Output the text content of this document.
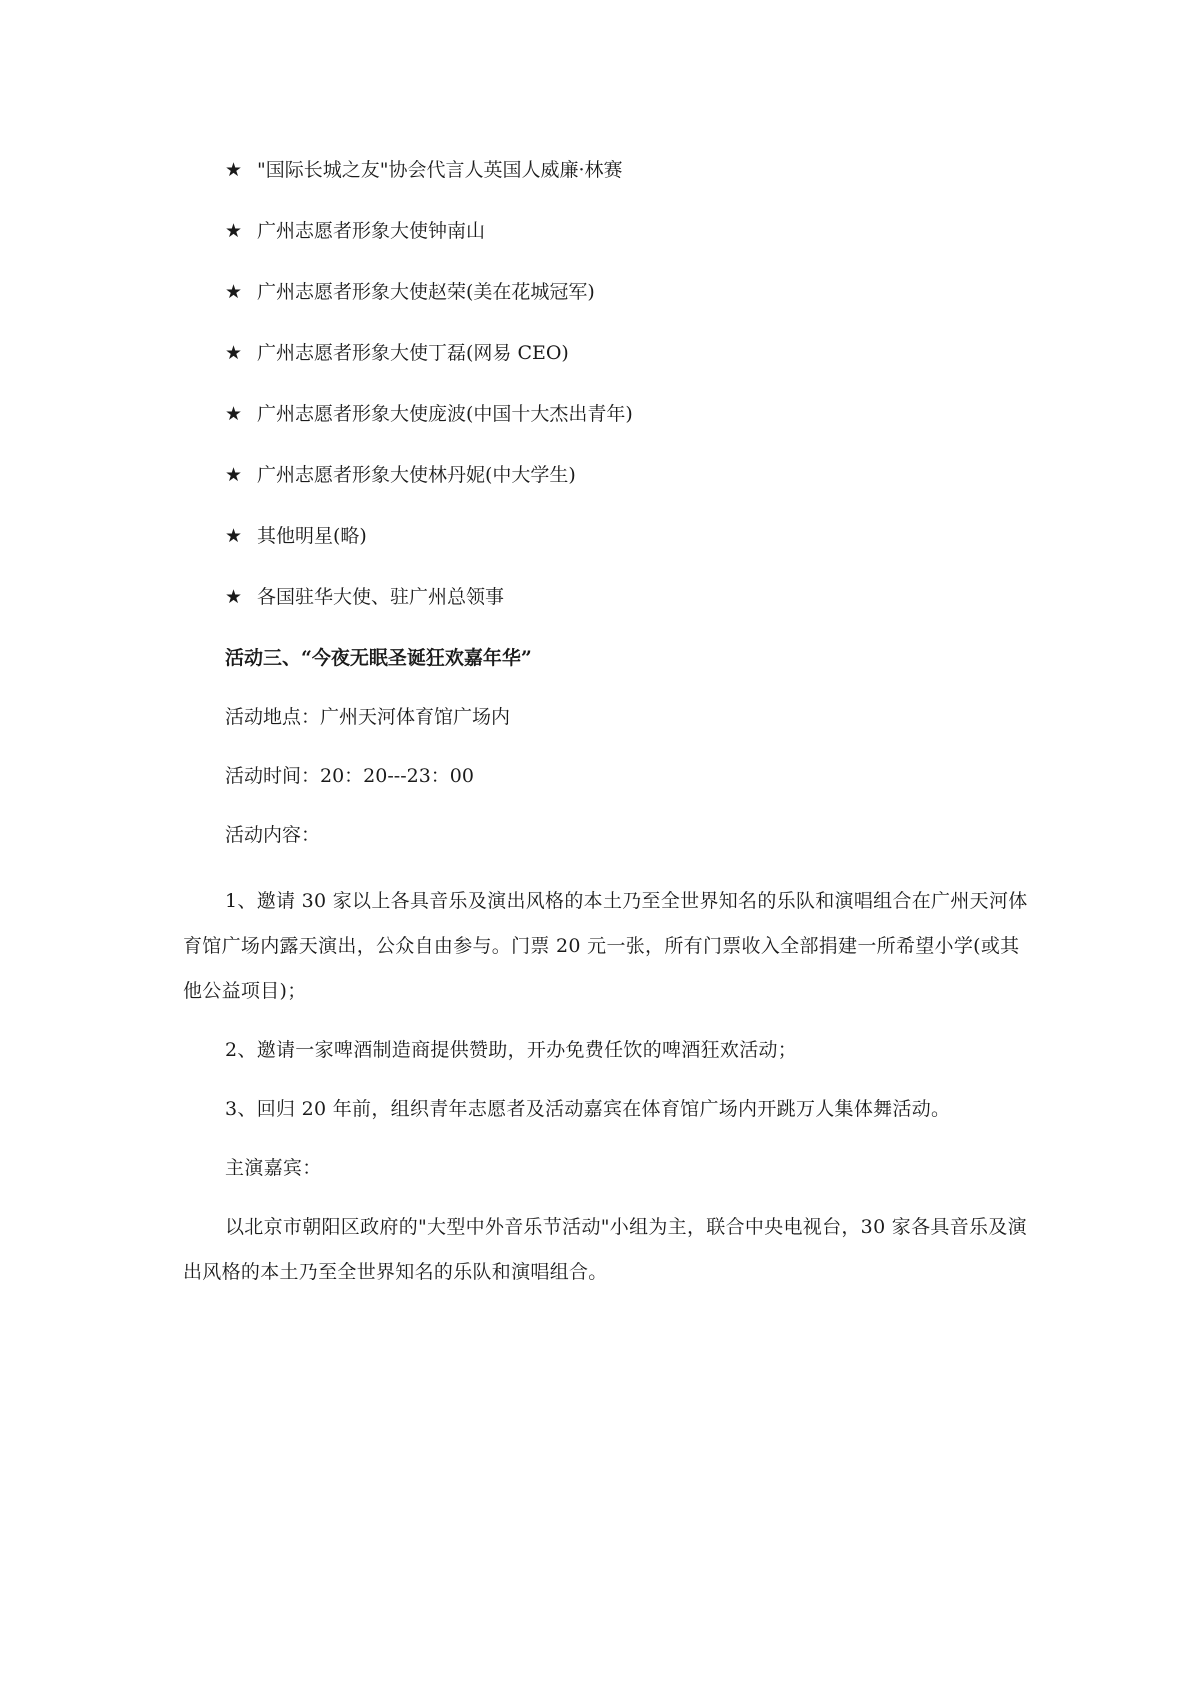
★ "国际长城之友"协会代言人英国人威廉·林赛
★ 广州志愿者形象大使钟南山
★ 广州志愿者形象大使赵荣(美在花城冠军)
★ 广州志愿者形象大使丁磊(网易 CEO)
★ 广州志愿者形象大使庞波(中国十大杰出青年)
★ 广州志愿者形象大使林丹妮(中大学生)
★ 其他明星(略)
★ 各国驻华大使、驻广州总领事
活动三、“今夜无眠圣诞狂欢嘉年华”
活动地点：广州天河体育馆广场内
活动时间：20：20---23：00
活动内容：

1、邀请 30 家以上各具音乐及演出风格的本土乃至全世界知名的乐队和演唱组合在广州天河体育馆广场内露天演出，公众自由参与。门票 20 元一张，所有门票收入全部捐建一所希望小学(或其他公益项目)；

2、邀请一家啤酒制造商提供赞助，开办免费任饮的啤酒狂欢活动；

3、回归 20 年前，组织青年志愿者及活动嘉宾在体育馆广场内开跳万人集体舞活动。

主演嘉宾：

以北京市朝阳区政府的"大型中外音乐节活动"小组为主，联合中央电视台，30 家各具音乐及演出风格的本土乃至全世界知名的乐队和演唱组合。
